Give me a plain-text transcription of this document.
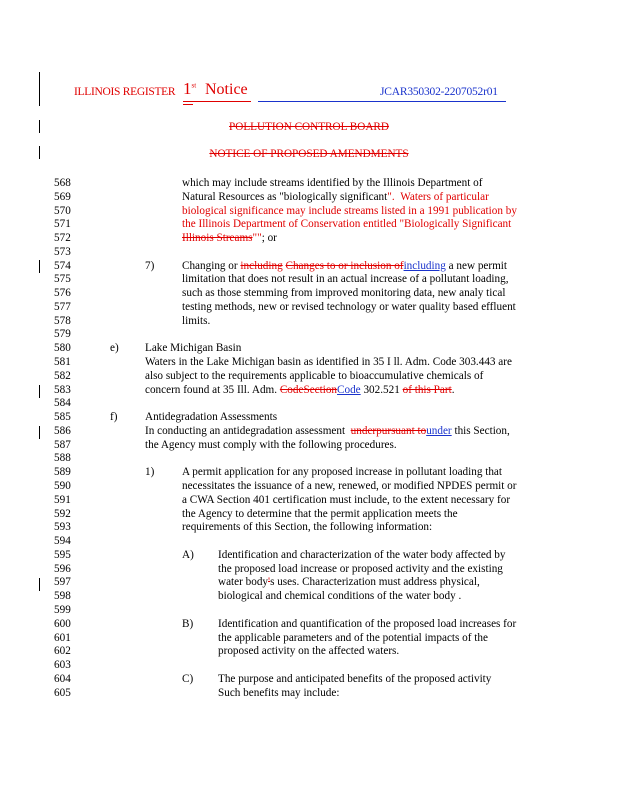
ILLINOIS REGISTER 1st Notice	JCAR350302-2207052r01
POLLUTION CONTROL BOARD
NOTICE OF PROPOSED AMENDMENTS
568
569
570
571
572
573
574
575
576
577
578
579
580
581
582
583
584
585
586
587
588
589
590
591
592
593
594
595
596
597
598
599
600
601
602
603
604
605
which may include streams identified by the Illinois Department of
Natural Resources as "biologically significant". Waters of particular
biological significance may include streams listed in a 1991 publication by
the Illinois Department of Conservation entitled "Biologically Significant
Illinois Streams""; or
7) Changing or including Changes to or inclusion ofincluding a new permit
limitation that does not result in an actual increase of a pollutant loading,
such as those stemming from improved monitoring data, new analy tical
testing methods, new or revised technology or water quality based effluent
limits.
e) Lake Michigan Basin
Waters in the Lake Michigan basin as identified in 35 I ll. Adm. Code 303.443 are
also subject to the requirements applicable to bioaccumulative chemicals of
concern found at 35 Ill. Adm. CodeSectionCode 302.521 of this Part.
f) Antidegradation Assessments
In conducting an antidegradation assessment underpursuant tounder this Section,
the Agency must comply with the following procedures.
1) A permit application for any proposed increase in pollutant loading that
necessitates the issuance of a new, renewed, or modified NPDES permit or
a CWA Section 401 certification must include, to the extent necessary for
the Agency to determine that the permit application meets the
requirements of this Section, the following information:
A) Identification and characterization of the water body affected by
the proposed load increase or proposed activity and the existing
water body's uses. Characterization must address physical,
biological and chemical conditions of the water body .
B) Identification and quantification of the proposed load increases for
the applicable parameters and of the potential impacts of the
proposed activity on the affected waters.
C) The purpose and anticipated benefits of the proposed activity
Such benefits may include:
